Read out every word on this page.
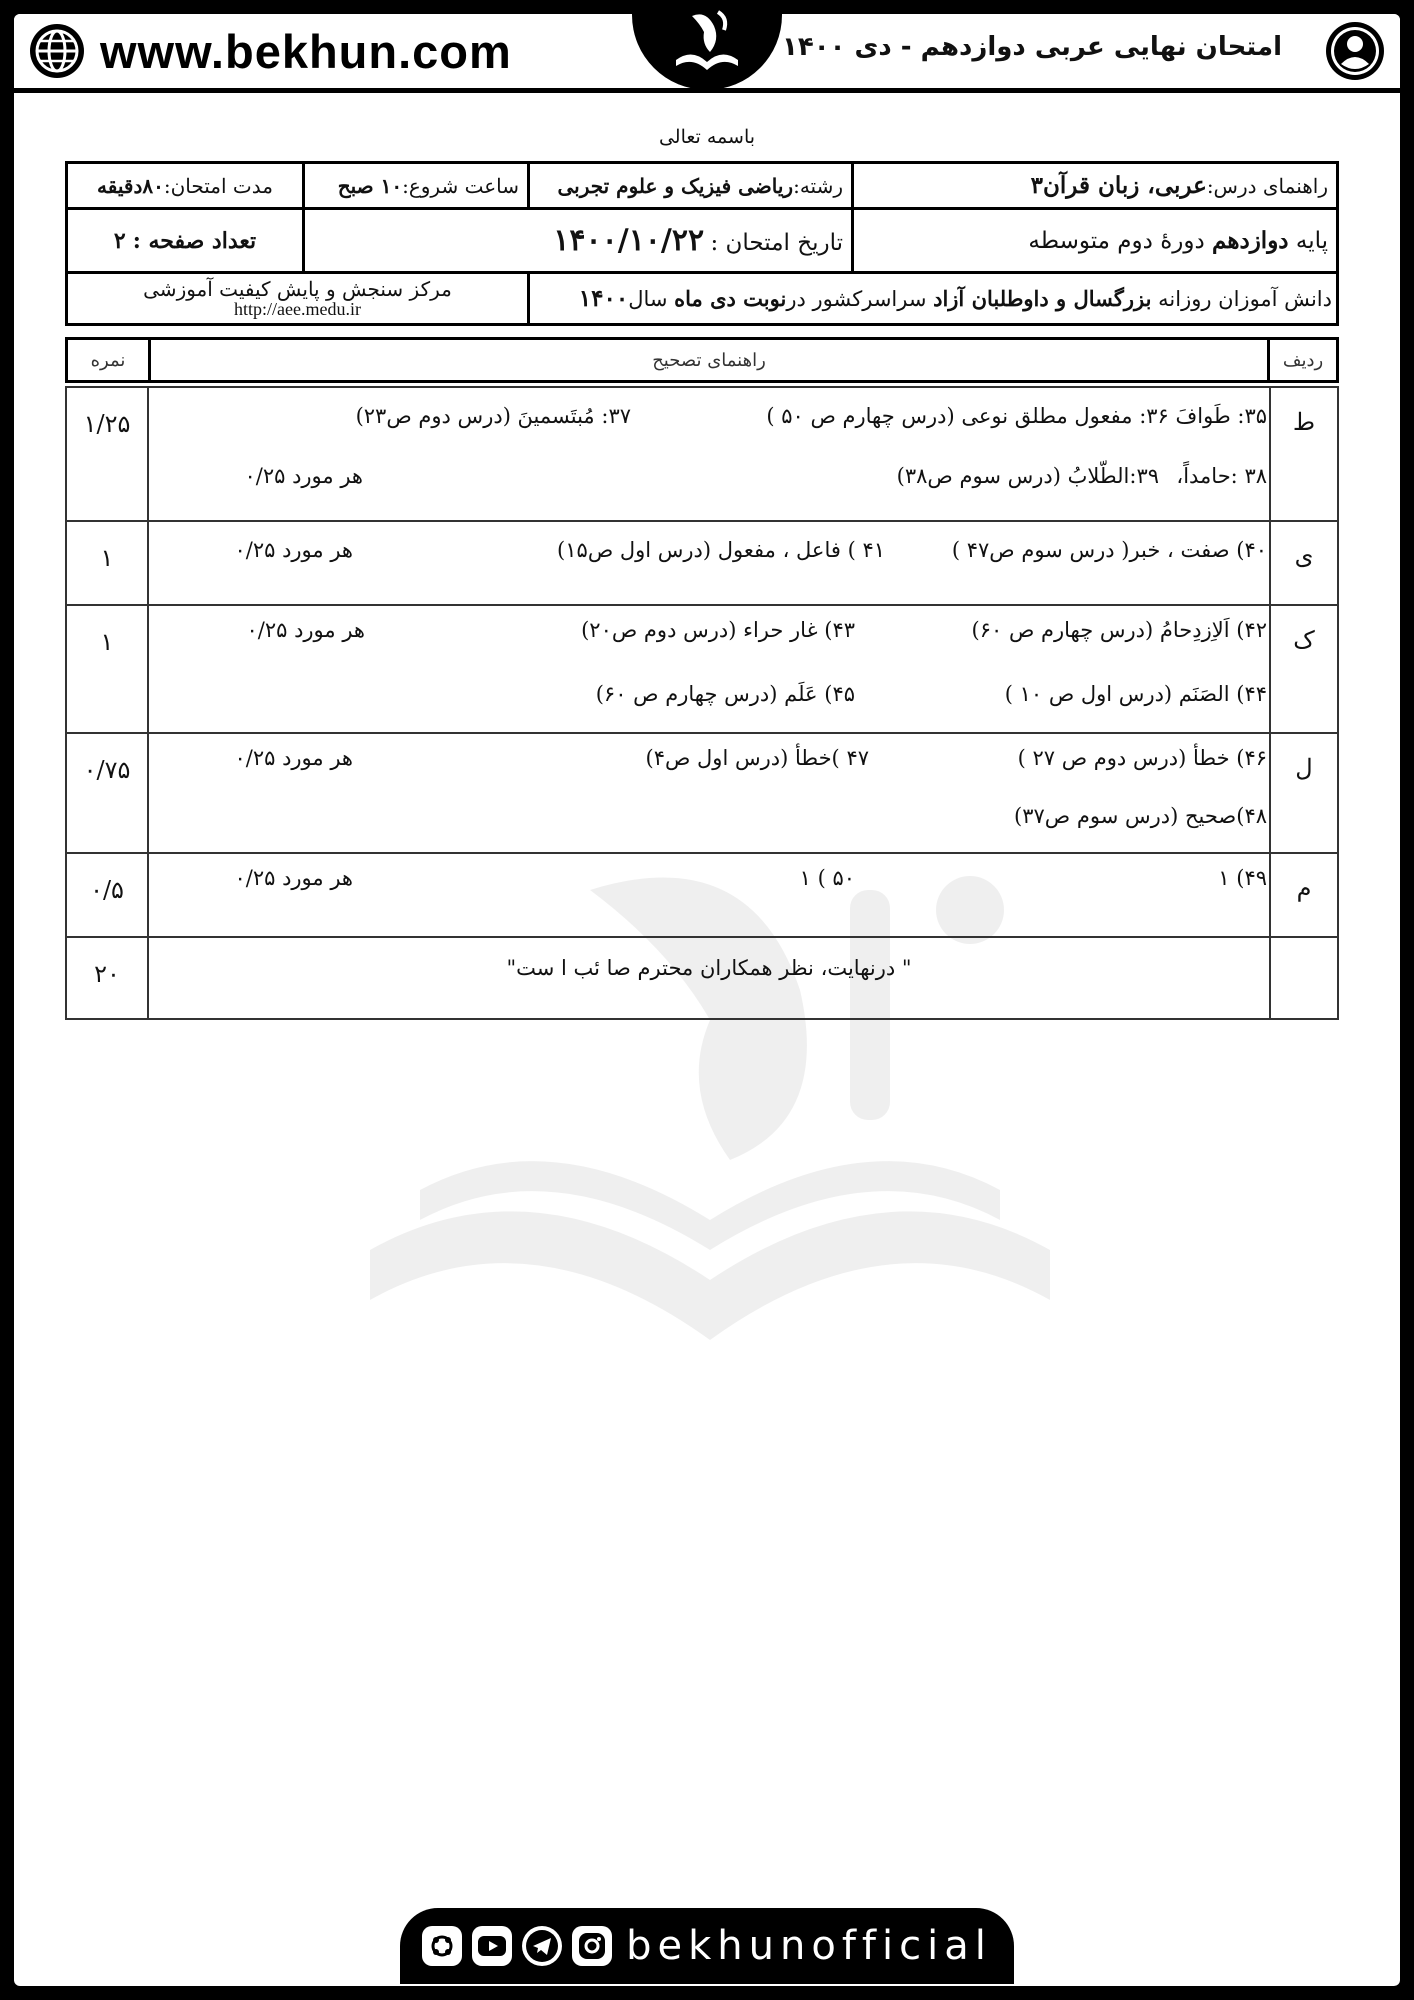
www.bekhun.com	امتحان نهایی عربی دوازدهم - دی ۱۴۰۰
باسمه تعالی
راهنمای درس:عربی، زبان قرآن۳	رشته:ریاضی فیزیک و علوم تجربی	ساعت شروع:۱۰ صبح	مدت امتحان:۸۰دقیقه
پایه دوازدهم دورۀ دوم متوسطه	تاریخ امتحان : ۱۴۰۰/۱۰/۲۲		تعداد صفحه : ۲
دانش آموزان روزانه بزرگسال و داوطلبان آزاد سراسرکشور درنوبت دی ماه سال۱۴۰۰		مرکز سنجش و پایش کیفیت آموزشی
http://aee.medu.ir	
ردیف	راهنمای تصحیح	نمره
ط	۳۵: طَوافَ ۳۶: مفعول مطلق نوعی (درس چهارم ص ۵۰ )
۳۷: مُبتَسمینَ (درس دوم ص۲۳)
۳۸ :حامداً،
۳۹:الطّلابُ (درس سوم ص۳۸)
هر مورد ۰/۲۵	۱/۲۵
ی	۴۰) صفت ، خبر( درس سوم ص۴۷ )
۴۱ ) فاعل ، مفعول (درس اول ص۱۵)
هر مورد ۰/۲۵	۱
ک	۴۲) اَلاِزدِحامُ (درس چهارم ص ۶۰)
۴۳) غار حراء (درس دوم ص۲۰)
هر مورد ۰/۲۵
۴۴) الصَنَم (درس اول ص ۱۰ )
۴۵) عَلَم (درس چهارم ص ۶۰)	۱
ل	۴۶) خطأ (درس دوم ص ۲۷ )
۴۷ )خطأ (درس اول ص۴)
هر مورد ۰/۲۵
۴۸)صحیح (درس سوم ص۳۷)	۰/۷۵
م	۴۹) ۱
۵۰ ) ۱
هر مورد ۰/۲۵	۰/۵
	" درنهایت، نظر همکاران محترم صا ئب ا ست"	۲۰
bekhunofficial
